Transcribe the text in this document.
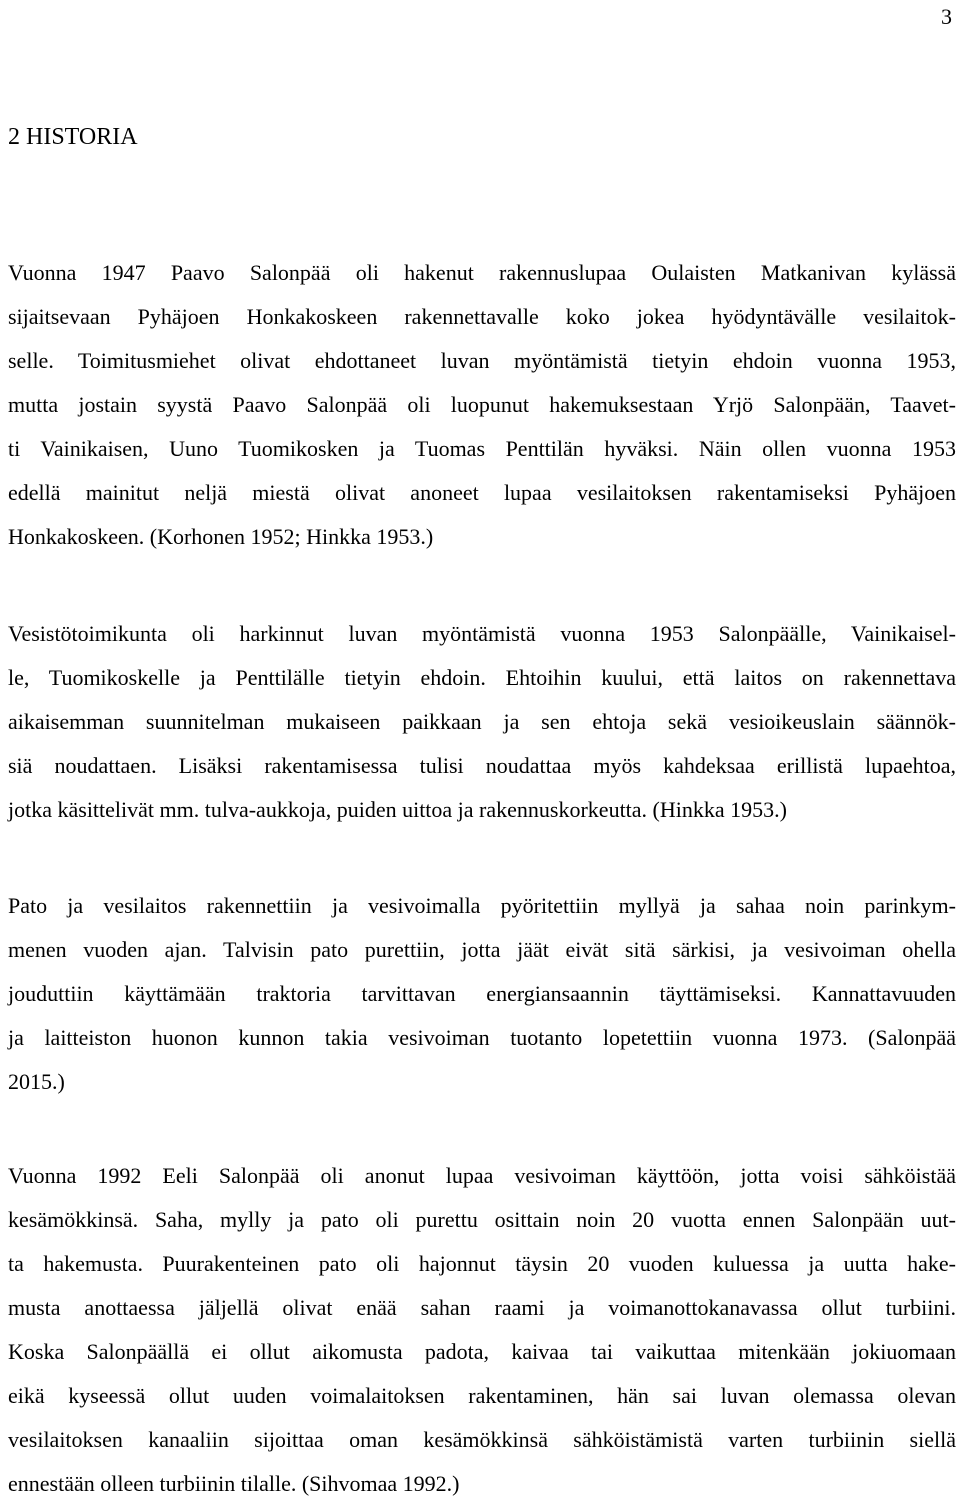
3
2 HISTORIA
Vuonna 1947 Paavo Salonpää oli hakenut rakennuslupaa Oulaisten Matkanivan kylässä
sijaitsevaan Pyhäjoen Honkakoskeen rakennettavalle koko jokea hyödyntävälle vesilaitok-
selle. Toimitusmiehet olivat ehdottaneet luvan myöntämistä tietyin ehdoin vuonna 1953,
mutta jostain syystä Paavo Salonpää oli luopunut hakemuksestaan Yrjö Salonpään, Taavet-
ti Vainikaisen, Uuno Tuomikosken ja Tuomas Penttilän hyväksi. Näin ollen vuonna 1953
edellä mainitut neljä miestä olivat anoneet lupaa vesilaitoksen rakentamiseksi Pyhäjoen
Honkakoskeen. (Korhonen 1952; Hinkka 1953.)
Vesistötoimikunta oli harkinnut luvan myöntämistä vuonna 1953 Salonpäälle, Vainikaisel-
le, Tuomikoskelle ja Penttilälle tietyin ehdoin. Ehtoihin kuului, että laitos on rakennettava
aikaisemman suunnitelman mukaiseen paikkaan ja sen ehtoja sekä vesioikeuslain säännök-
siä noudattaen. Lisäksi rakentamisessa tulisi noudattaa myös kahdeksaa erillistä lupaehtoa,
jotka käsittelivät mm. tulva-aukkoja, puiden uittoa ja rakennuskorkeutta. (Hinkka 1953.)
Pato ja vesilaitos rakennettiin ja vesivoimalla pyöritettiin myllyä ja sahaa noin parinkym-
menen vuoden ajan. Talvisin pato purettiin, jotta jäät eivät sitä särkisi, ja vesivoiman ohella
jouduttiin käyttämään traktoria tarvittavan energiansaannin täyttämiseksi. Kannattavuuden
ja laitteiston huonon kunnon takia vesivoiman tuotanto lopetettiin vuonna 1973. (Salonpää
2015.)
Vuonna 1992 Eeli Salonpää oli anonut lupaa vesivoiman käyttöön, jotta voisi sähköistää
kesämökkinsä. Saha, mylly ja pato oli purettu osittain noin 20 vuotta ennen Salonpään uut-
ta hakemusta. Puurakenteinen pato oli hajonnut täysin 20 vuoden kuluessa ja uutta hake-
musta anottaessa jäljellä olivat enää sahan raami ja voimanottokanavassa ollut turbiini.
Koska Salonpäällä ei ollut aikomusta padota, kaivaa tai vaikuttaa mitenkään jokiuomaan
eikä kyseessä ollut uuden voimalaitoksen rakentaminen, hän sai luvan olemassa olevan
vesilaitoksen kanaaliin sijoittaa oman kesämökkinsä sähköistämistä varten turbiinin siellä
ennestään olleen turbiinin tilalle. (Sihvomaa 1992.)
